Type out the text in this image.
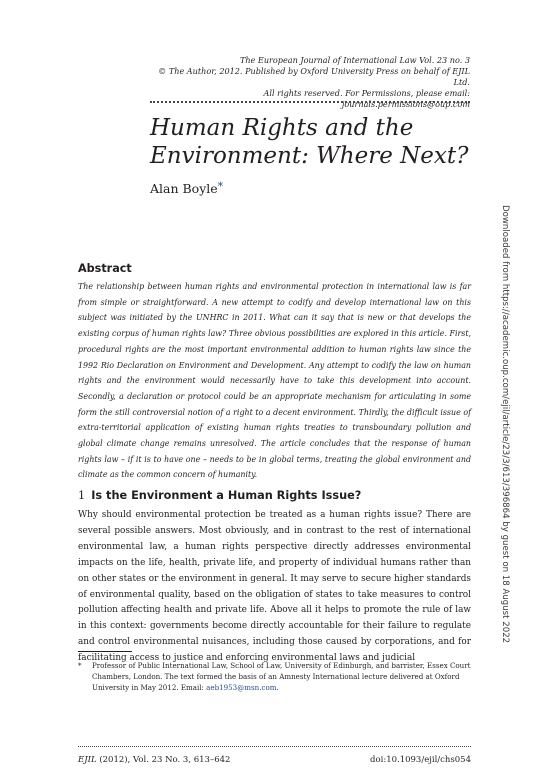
The European Journal of International Law Vol. 23 no. 3
© The Author, 2012. Published by Oxford University Press on behalf of EJIL Ltd.
All rights reserved. For Permissions, please email: journals.permissions@oup.com
Human Rights and the
Environment: Where Next?
Alan Boyle*
Abstract

The relationship between human rights and environmental protection in international law is far from simple or straightforward. A new attempt to codify and develop international law on this subject was initiated by the UNHRC in 2011. What can it say that is new or that develops the existing corpus of human rights law? Three obvious possibilities are explored in this article. First, procedural rights are the most important environmental addition to human rights law since the 1992 Rio Declaration on Environment and Development. Any attempt to codify the law on human rights and the environment would necessarily have to take this development into account. Secondly, a declaration or protocol could be an appropriate mechanism for articulating in some form the still controversial notion of a right to a decent environment. Thirdly, the difficult issue of extra-territorial application of existing human rights treaties to transboundary pollution and global climate change remains unresolved. The article concludes that the response of human rights law – if it is to have one – needs to be in global terms, treating the global environment and climate as the common concern of humanity.

1 Is the Environment a Human Rights Issue?

Why should environmental protection be treated as a human rights issue? There are several possible answers. Most obviously, and in contrast to the rest of international environmental law, a human rights perspective directly addresses environmental impacts on the life, health, private life, and property of individual humans rather than on other states or the environment in general. It may serve to secure higher standards of environmental quality, based on the obligation of states to take measures to control pollution affecting health and private life. Above all it helps to promote the rule of law in this context: governments become directly accountable for their failure to regulate and control environmental nuisances, including those caused by corporations, and for facilitating access to justice and enforcing environmental laws and judicial

* Professor of Public International Law, School of Law, University of Edinburgh, and barrister, Essex Court Chambers, London. The text formed the basis of an Amnesty International lecture delivered at Oxford University in May 2012. Email: aeb1953@msn.com.
EJIL (2012), Vol. 23 No. 3, 613–642	doi:10.1093/ejil/chs054
Downloaded from https://academic.oup.com/ejil/article/23/3/613/396864 by guest on 18 August 2022
